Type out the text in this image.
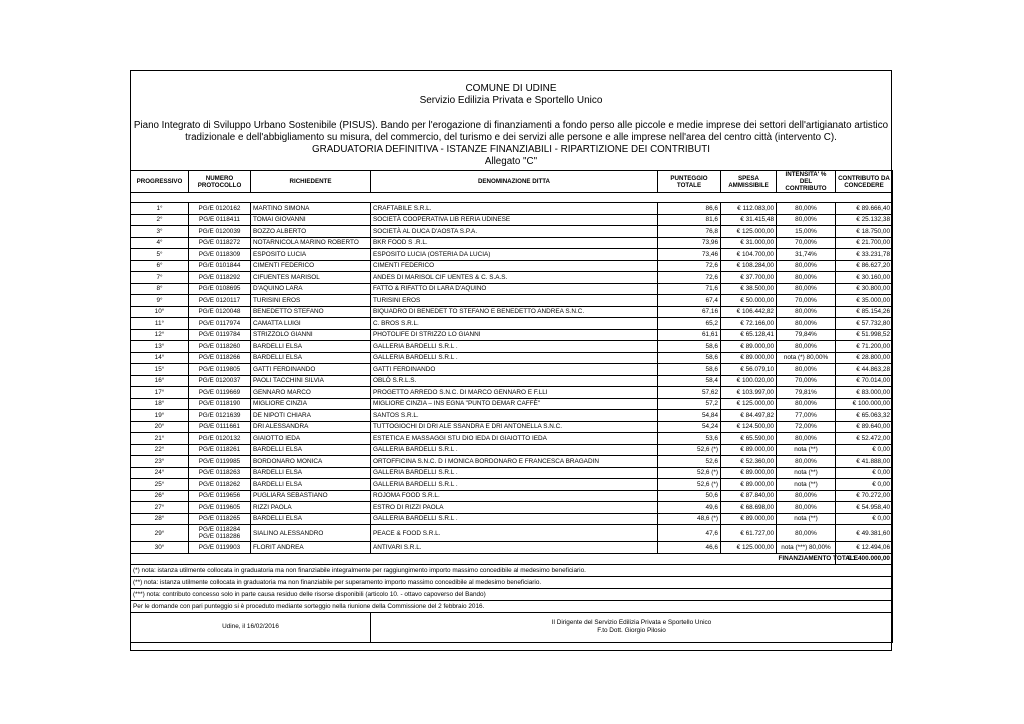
COMUNE DI UDINE
Servizio Edilizia Privata e Sportello Unico
Piano Integrato di Sviluppo Urbano Sostenibile (PISUS). Bando per l'erogazione di finanziamenti a fondo perso alle piccole e medie imprese dei settori dell'artigianato artistico
tradizionale e dell'abbigliamento su misura, del commercio, del turismo e dei servizi alle persone e alle imprese nell'area del centro città (intervento C).
GRADUATORIA DEFINITIVA - ISTANZE FINANZIABILI - RIPARTIZIONE DEI CONTRIBUTI
Allegato "C"
PROGRESSIVO	NUMERO PROTOCOLLO	RICHIEDENTE	DENOMINAZIONE DITTA	PUNTEGGIO TOTALE	SPESA AMMISSIBILE	INTENSITA' % DEL CONTRIBUTO	CONTRIBUTO DA CONCEDERE

1°	PG/E 0120162	MARTINO SIMONA	CRAFTABILE S.R.L.	86,6	€ 112.083,00	80,00%	€ 89.666,40
2°	PG/E 0118411	TOMAI GIOVANNI	SOCIETÀ COOPERATIVA LIB RERIA UDINESE	81,6	€ 31.415,48	80,00%	€ 25.132,38
3°	PG/E 0120039	BOZZO ALBERTO	SOCIETÀ AL DUCA D'AOSTA S.P.A.	76,8	€ 125.000,00	15,00%	€ 18.750,00
4°	PG/E 0118272	NOTARNICOLA MARINO ROBERTO	BKR FOOD S .R.L.	73,96	€ 31.000,00	70,00%	€ 21.700,00
5°	PG/E 0118309	ESPOSITO LUCIA	ESPOSITO LUCIA (OSTERIA DA LUCIA)	73,46	€ 104.700,00	31,74%	€ 33.231,78
6°	PG/E 0101844	CIMENTI FEDERICO	CIMENTI FEDERICO	72,6	€ 108.284,00	80,00%	€ 86.627,20
7°	PG/E 0118292	CIFUENTES MARISOL	ANDES DI MARISOL CIF UENTES & C. S.A.S.	72,6	€ 37.700,00	80,00%	€ 30.160,00
8°	PG/E 0108695	D'AQUINO LARA	FATTO & RIFATTO DI LARA D'AQUINO	71,6	€ 38.500,00	80,00%	€ 30.800,00
9°	PG/E 0120117	TURISINI EROS	TURISINI EROS	67,4	€ 50.000,00	70,00%	€ 35.000,00
10°	PG/E 0120048	BENEDETTO STEFANO	BIQUADRO DI BENEDET TO STEFANO E BENEDETTO ANDREA S.N.C.	67,16	€ 106.442,82	80,00%	€ 85.154,26
11°	PG/E 0117974	CAMATTA LUIGI	C. BROS S.R.L.	65,2	€ 72.166,00	80,00%	€ 57.732,80
12°	PG/E 0119784	STRIZZOLO GIANNI	PHOTOLIFE DI STRIZZO LO GIANNI	61,61	€ 65.128,41	79,84%	€ 51.998,52
13°	PG/E 0118260	BARDELLI ELSA	GALLERIA BARDELLI S.R.L .	58,6	€ 89.000,00	80,00%	€ 71.200,00
14°	PG/E 0118266	BARDELLI ELSA	GALLERIA BARDELLI S.R.L .	58,6	€ 89.000,00	nota (*) 80,00%	€ 28.800,00
15°	PG/E 0119805	GATTI FERDINANDO	GATTI FERDINANDO	58,6	€ 56.079,10	80,00%	€ 44.863,28
16°	PG/E 0120037	PAOLI TACCHINI SILVIA	OBLÒ S.R.L.S.	58,4	€ 100.020,00	70,00%	€ 70.014,00
17°	PG/E 0119669	GENNARO MARCO	PROGETTO ARREDO S.N.C. DI MARCO GENNARO E F.LLI	57,62	€ 103.997,00	79,81%	€ 83.000,00
18°	PG/E 0118190	MIGLIORE CINZIA	MIGLIORE CINZIA – INS EGNA "PUNTO DEMAR CAFFÈ"	57,2	€ 125.000,00	80,00%	€ 100.000,00
19°	PG/E 0121639	DE NIPOTI CHIARA	SANTOS S.R.L.	54,84	€ 84.497,82	77,00%	€ 65.063,32
20°	PG/E 0111661	DRI ALESSANDRA	TUTTOGIOCHI DI DRI ALE SSANDRA E DRI ANTONELLA S.N.C.	54,24	€ 124.500,00	72,00%	€ 89.640,00
21°	PG/E 0120132	GIAIOTTO IEDA	ESTETICA E MASSAGGI STU DIO IEDA DI GIAIOTTO IEDA	53,6	€ 65.590,00	80,00%	€ 52.472,00
22°	PG/E 0118261	BARDELLI ELSA	GALLERIA BARDELLI S.R.L .	52,6 (*)	€ 89.000,00	nota (**)	€ 0,00
23°	PG/E 0119985	BORDONARO MONICA	ORTOFFICINA S.N.C. D I MONICA BORDONARO E FRANCESCA BRAGADIN	52,6	€ 52.360,00	80,00%	€ 41.888,00
24°	PG/E 0118263	BARDELLI ELSA	GALLERIA BARDELLI S.R.L .	52,6 (*)	€ 89.000,00	nota (**)	€ 0,00
25°	PG/E 0118262	BARDELLI ELSA	GALLERIA BARDELLI S.R.L .	52,6 (*)	€ 89.000,00	nota (**)	€ 0,00
26°	PG/E 0119656	PUGLIARA SEBASTIANO	ROJOMA FOOD S.R.L.	50,6	€ 87.840,00	80,00%	€ 70.272,00
27°	PG/E 0119605	RIZZI PAOLA	ESTRO DI RIZZI PAOLA	49,6	€ 68.698,00	80,00%	€ 54.958,40
28°	PG/E 0118265	BARDELLI ELSA	GALLERIA BARDELLI S.R.L .	48,6 (*)	€ 89.000,00	nota (**)	€ 0,00
29°	PG/E 0118284
PG/E 0118286	SIALINO ALESSANDRO	PEACE & FOOD S.R.L.	47,6	€ 61.727,00	80,00%	€ 49.381,60
30°	PG/E 0119903	FLORIT ANDREA	ANTIVARI S.R.L.	46,6	€ 125.000,00	nota (***) 80,00%	€ 12.494,06
						FINANZIAMENTO TOTALE	€ 1.400.000,00
(*) nota: istanza utilmente collocata in graduatoria ma non finanziabile integralmente per raggiungimento importo massimo concedibile al medesimo beneficiario.							
(**) nota: istanza utilmente collocata in graduatoria ma non finanziabile per superamento importo massimo concedibile al medesimo beneficiario.							
(***) nota: contributo concesso solo in parte causa residuo delle risorse disponibili (articolo 10. - ottavo capoverso del Bando)							
Per le domande con pari punteggio si è proceduto mediante sorteggio nella riunione della Commissione del 2 febbraio 2016.							
Udine, il 16/02/2016			Il Dirigente del Servizio Edilizia Privata e Sportello Unico
F.to Dott. Giorgio Pilosio				
